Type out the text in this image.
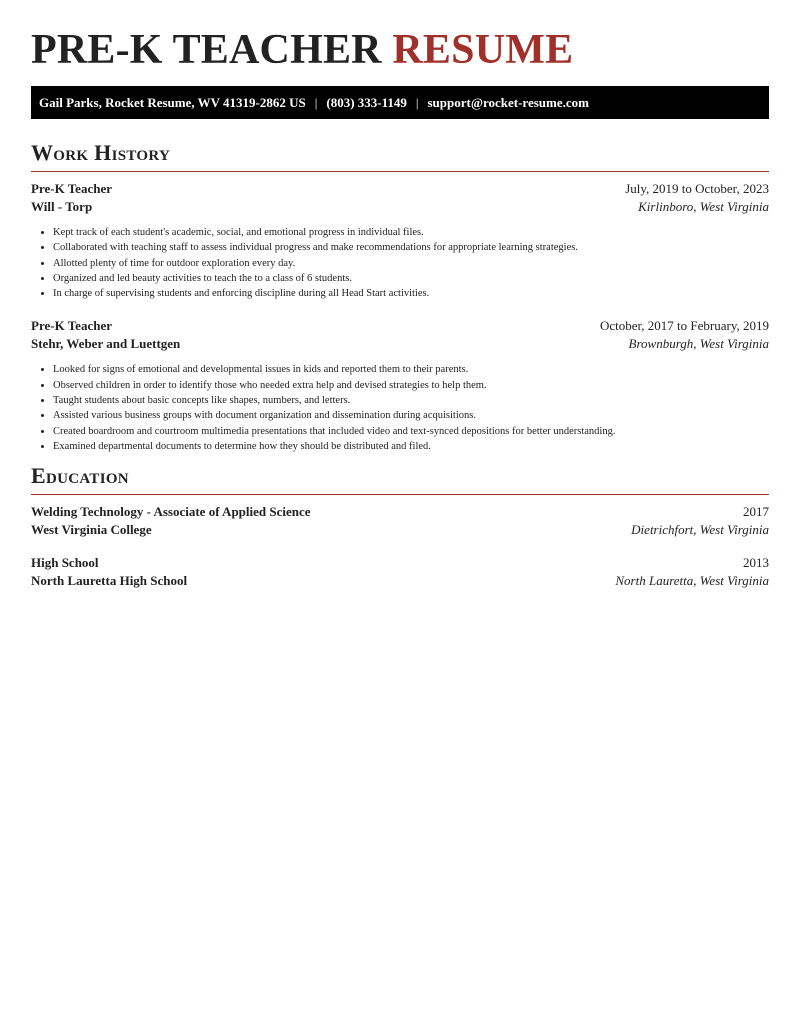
PRE-K TEACHER RESUME
Gail Parks, Rocket Resume, WV 41319-2862 US | (803) 333-1149 | support@rocket-resume.com
Work History
Pre-K Teacher	July, 2019 to October, 2023
Will - Torp	Kirlinboro, West Virginia
• Kept track of each student's academic, social, and emotional progress in individual files.
• Collaborated with teaching staff to assess individual progress and make recommendations for appropriate learning strategies.
• Allotted plenty of time for outdoor exploration every day.
• Organized and led beauty activities to teach the to a class of 6 students.
• In charge of supervising students and enforcing discipline during all Head Start activities.
Pre-K Teacher	October, 2017 to February, 2019
Stehr, Weber and Luettgen	Brownburgh, West Virginia
• Looked for signs of emotional and developmental issues in kids and reported them to their parents.
• Observed children in order to identify those who needed extra help and devised strategies to help them.
• Taught students about basic concepts like shapes, numbers, and letters.
• Assisted various business groups with document organization and dissemination during acquisitions.
• Created boardroom and courtroom multimedia presentations that included video and text-synced depositions for better understanding.
• Examined departmental documents to determine how they should be distributed and filed.
Education
Welding Technology - Associate of Applied Science	2017
West Virginia College	Dietrichfort, West Virginia
High School	2013
North Lauretta High School	North Lauretta, West Virginia
